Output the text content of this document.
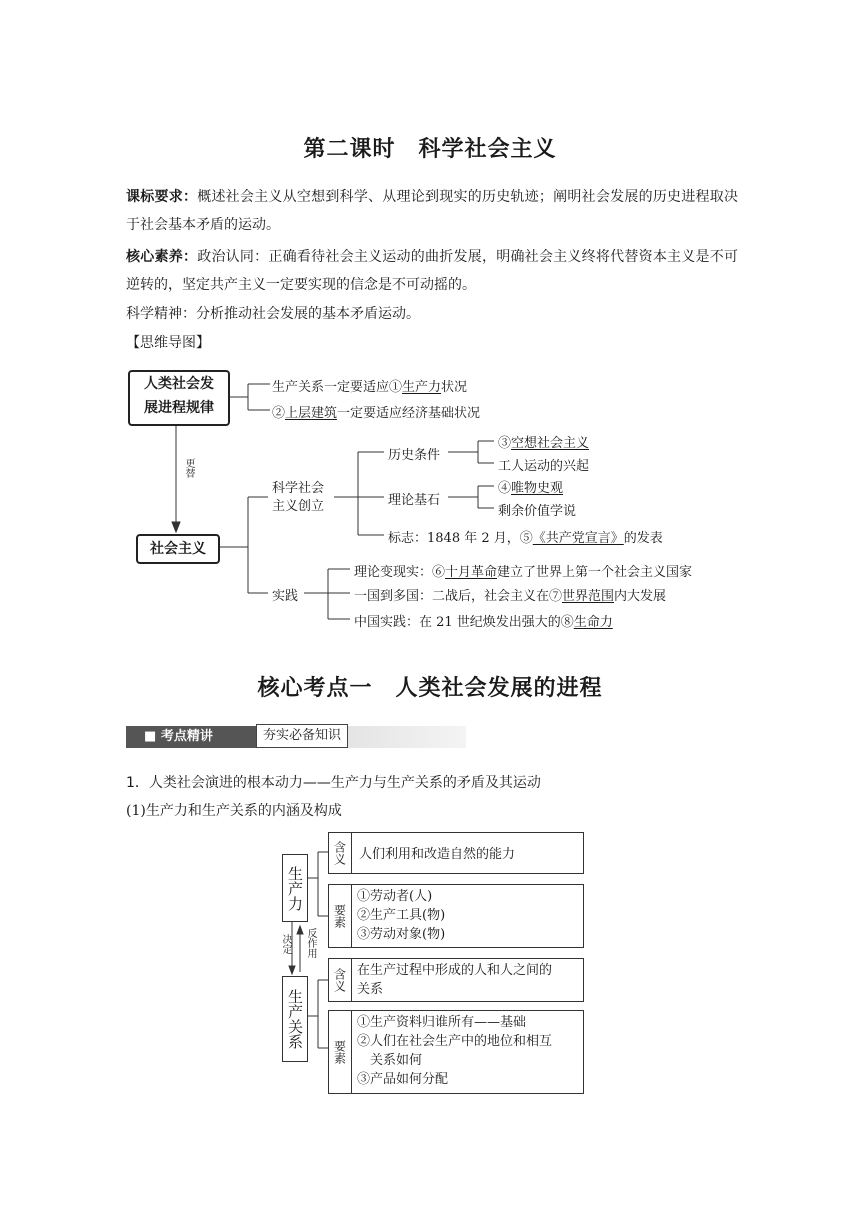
第二课时　科学社会主义
课标要求：概述社会主义从空想到科学、从理论到现实的历史轨迹；阐明社会发展的历史进程取决于社会基本矛盾的运动。
核心素养：政治认同：正确看待社会主义运动的曲折发展，明确社会主义终将代替资本主义是不可逆转的，坚定共产主义一定要实现的信念是不可动摇的。
科学精神：分析推动社会发展的基本矛盾运动。
【思维导图】
人类社会发
展进程规律
生产关系一定要适应①生产力状况
②上层建筑一定要适应经济基础状况
更替
社会主义
科学社会
主义创立
历史条件
③空想社会主义
工人运动的兴起
理论基石
④唯物史观
剩余价值学说
标志：1848 年 2 月，⑤《共产党宣言》的发表
实践
理论变现实：⑥十月革命建立了世界上第一个社会主义国家
一国到多国：二战后，社会主义在⑦世界范围内大发展
中国实践：在 21 世纪焕发出强大的⑧生命力
核心考点一　人类社会发展的进程
■ 考点精讲	夯实必备知识
1．人类社会演进的根本动力——生产力与生产关系的矛盾及其运动
(1)生产力和生产关系的内涵及构成
生产力
生产关系
决定 反作用
含义 人们利用和改造自然的能力
要素
①劳动者(人)
②生产工具(物)
③劳动对象(物)
含义 在生产过程中形成的人和人之间的
关系
要素
①生产资料归谁所有——基础
②人们在社会生产中的地位和相互
　关系如何
③产品如何分配
